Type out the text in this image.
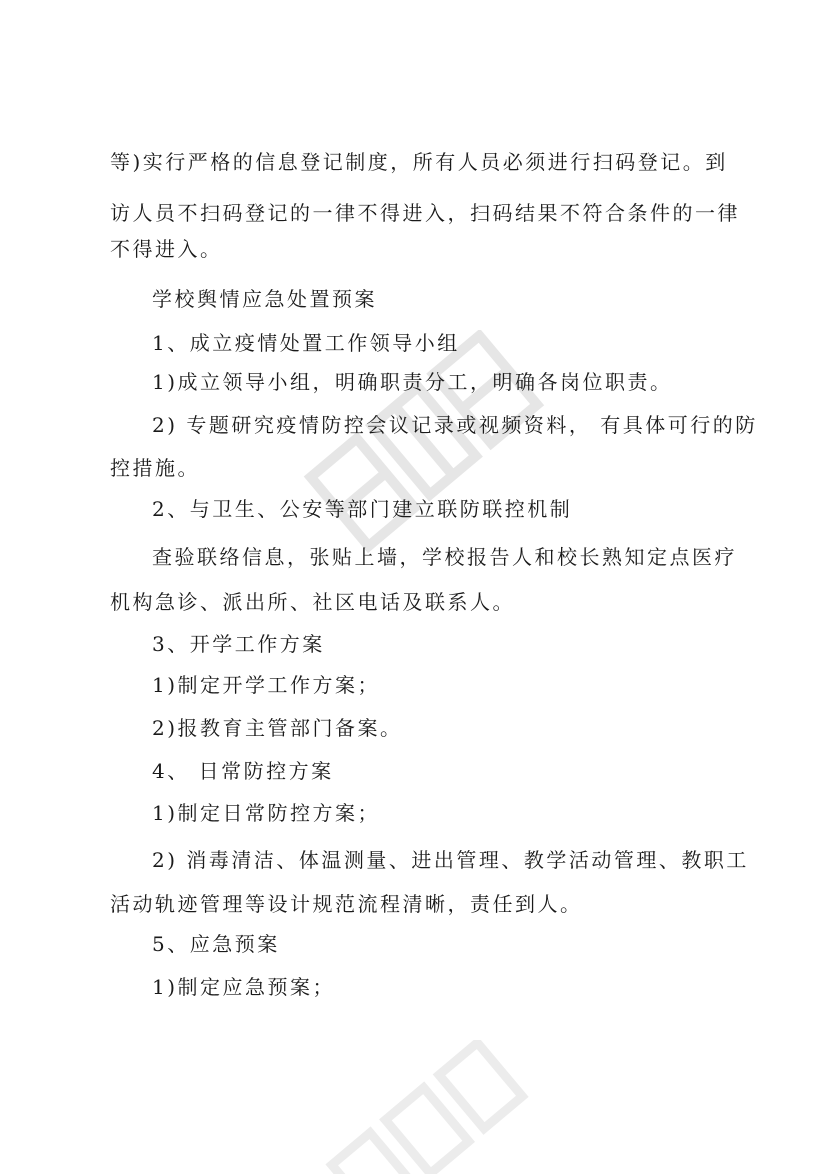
等)实行严格的信息登记制度，所有人员必须进行扫码登记。到
访人员不扫码登记的一律不得进入，扫码结果不符合条件的一律
不得进入。
学校舆情应急处置预案
1、成立疫情处置工作领导小组
1)成立领导小组，明确职责分工，明确各岗位职责。
2) 专题研究疫情防控会议记录或视频资料， 有具体可行的防
控措施。
2、与卫生、公安等部门建立联防联控机制
查验联络信息，张贴上墙，学校报告人和校长熟知定点医疗
机构急诊、派出所、社区电话及联系人。
3、开学工作方案
1)制定开学工作方案；
2)报教育主管部门备案。
4、 日常防控方案
1)制定日常防控方案；
2) 消毒清洁、体温测量、进出管理、教学活动管理、教职工
活动轨迹管理等设计规范流程清晰，责任到人。
5、应急预案
1)制定应急预案；
